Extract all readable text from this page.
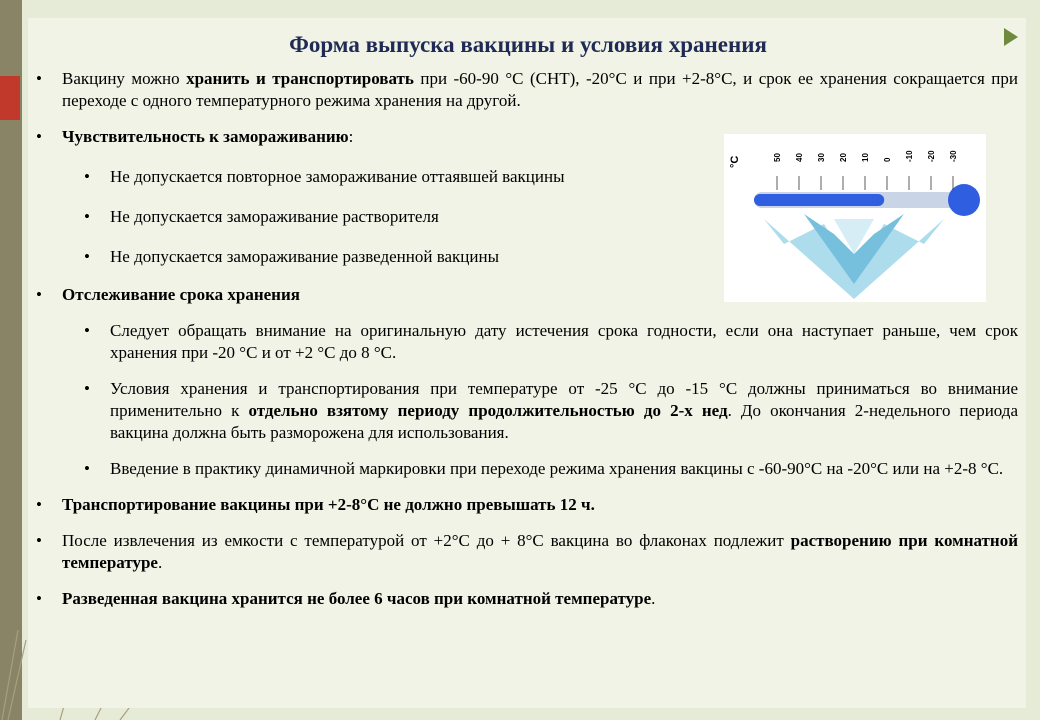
Форма выпуска вакцины и условия хранения
• Вакцину можно хранить и транспортировать при -60-90 °С (СНТ), -20°С и при +2-8°С, и срок ее хранения сокращается при переходе с одного температурного режима хранения на другой.
• Чувствительность к замораживанию:
• Не допускается повторное замораживание оттаявшей вакцины
• Не допускается замораживание растворителя
• Не допускается замораживание разведенной вакцины
• Отслеживание срока хранения
• Следует обращать внимание на оригинальную дату истечения срока годности, если она наступает раньше, чем срок хранения при -20 °С и от +2 °С до 8 °С.
• Условия хранения и транспортирования при температуре от -25 °С до -15 °С должны приниматься во внимание применительно к отдельно взятому периоду продолжительностью до 2-х нед. До окончания 2-недельного периода вакцина должна быть разморожена для использования.
• Введение в практику динамичной маркировки при переходе режима хранения вакцины с -60-90°С на -20°С или на +2-8 °С.
• Транспортирование вакцины при +2-8°С не должно превышать 12 ч.
• После извлечения из емкости с температурой от +2°С до + 8°С вакцина во флаконах подлежит растворению при комнатной температуре.
• Разведенная вакцина хранится не более 6 часов при комнатной температуре.
°C	50 40 30 20 10 0 -10 -20 -30
